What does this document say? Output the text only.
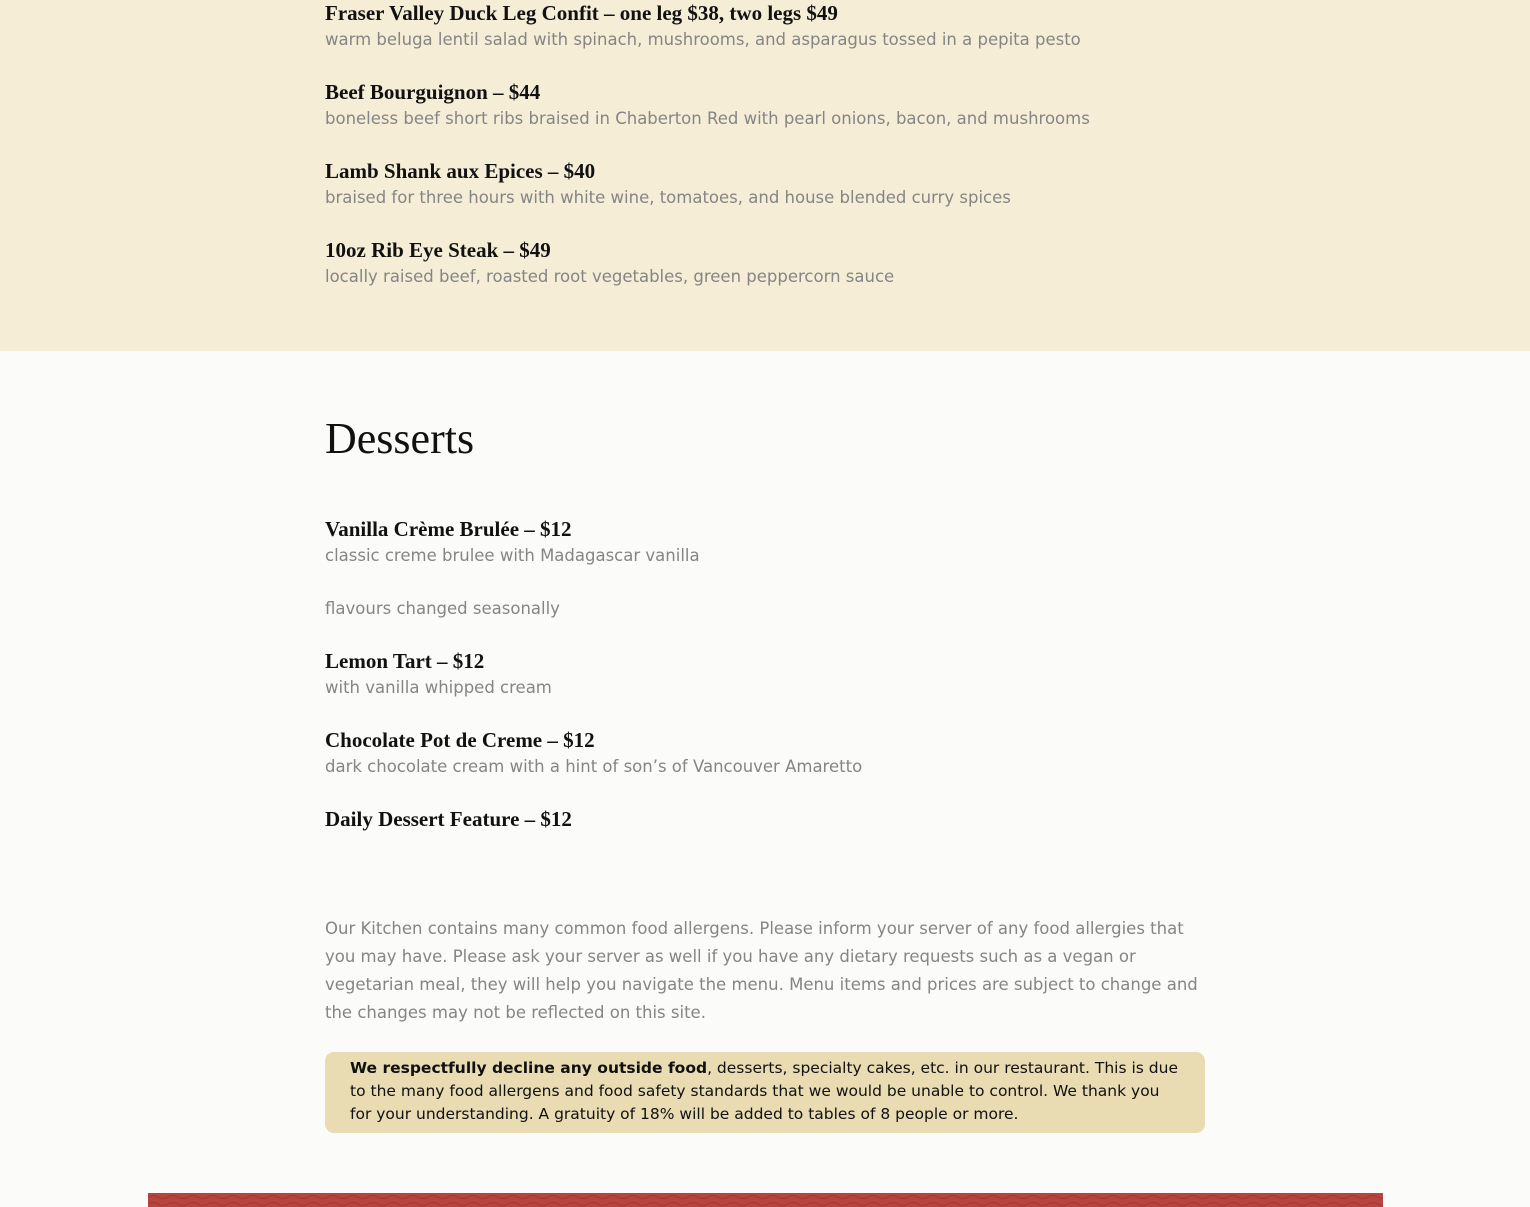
Fraser Valley Duck Leg Confit – one leg $38, two legs $49

warm beluga lentil salad with spinach, mushrooms, and asparagus tossed in a pepita pesto

Beef Bourguignon – $44

boneless beef short ribs braised in Chaberton Red with pearl onions, bacon, and mushrooms

Lamb Shank aux Epices – $40

braised for three hours with white wine, tomatoes, and house blended curry spices

10oz Rib Eye Steak – $49

locally raised beef, roasted root vegetables, green peppercorn sauce

Desserts
Vanilla Crème Brulée – $12

classic creme brulee with Madagascar vanilla

flavours changed seasonally

Lemon Tart – $12

with vanilla whipped cream

Chocolate Pot de Creme – $12

dark chocolate cream with a hint of son’s of Vancouver Amaretto

Daily Dessert Feature – $12

Our Kitchen contains many common food allergens. Please inform your server of any food allergies that you may have. Please ask your server as well if you have any dietary requests such as a vegan or vegetarian meal, they will help you navigate the menu. Menu items and prices are subject to change and the changes may not be reflected on this site.

We respectfully decline any outside food, desserts, specialty cakes, etc. in our restaurant. This is due to the many food allergens and food safety standards that we would be unable to control. We thank you for your understanding. A gratuity of 18% will be added to tables of 8 people or more.
